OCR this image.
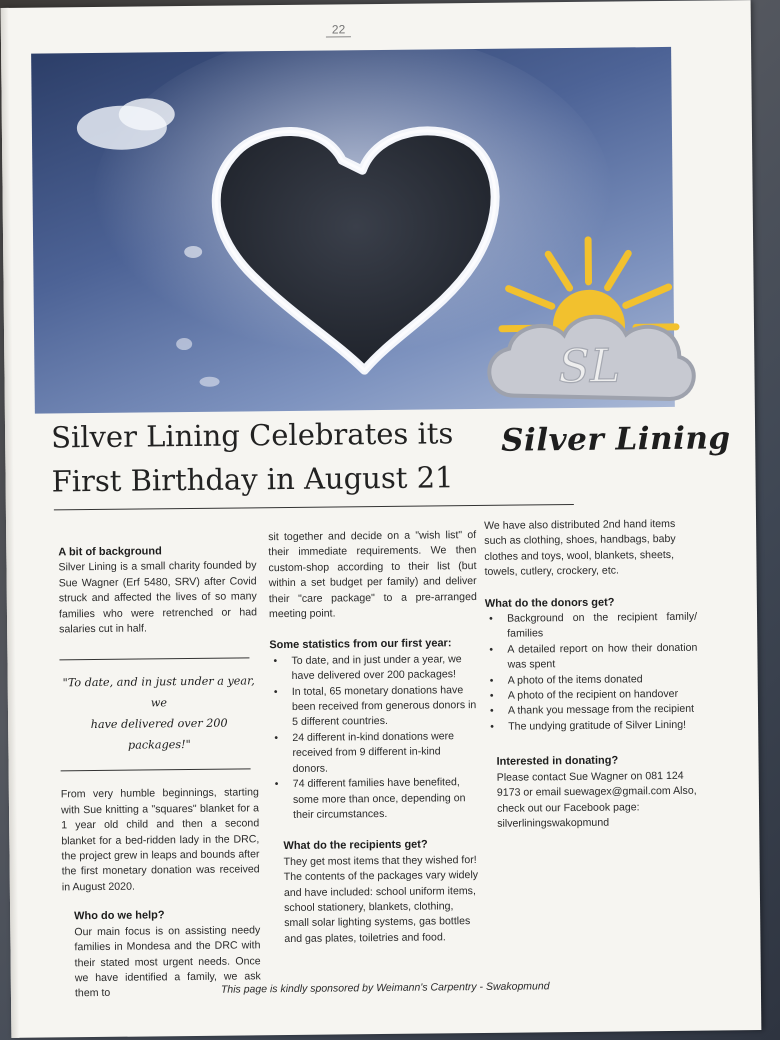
22
SL
Silver Lining
Silver Lining Celebrates its
First Birthday in August 21
A bit of background

Silver Lining is a small charity founded by Sue Wagner (Erf 5480, SRV) after Covid struck and affected the lives of so many families who were retrenched or had salaries cut in half.

"To date, and in just under a year, we
have delivered over 200 packages!"

From very humble beginnings, starting with Sue knitting a "squares" blanket for a 1 year old child and then a second blanket for a bed-ridden lady in the DRC, the project grew in leaps and bounds after the first monetary donation was received in August 2020.

Who do we help?

Our main focus is on assisting needy families in Mondesa and the DRC with their stated most urgent needs. Once we have identified a family, we ask them to

sit together and decide on a "wish list" of their immediate requirements. We then custom-shop according to their list (but within a set budget per family) and deliver their "care package" to a pre-arranged meeting point.

Some statistics from our first year:
• To date, and in just under a year, we have delivered over 200 packages!
• In total, 65 monetary donations have been received from generous donors in 5 different countries.
• 24 different in-kind donations were received from 9 different in-kind donors.
• 74 different families have benefited, some more than once, depending on their circumstances.
What do the recipients get?

They get most items that they wished for! The contents of the packages vary widely and have included: school uniform items, school stationery, blankets, clothing, small solar lighting systems, gas bottles and gas plates, toiletries and food.

We have also distributed 2nd hand items such as clothing, shoes, handbags, baby clothes and toys, wool, blankets, sheets, towels, cutlery, crockery, etc.

What do the donors get?
• Background on the recipient family/ families
• A detailed report on how their donation was spent
• A photo of the items donated
• A photo of the recipient on handover
• A thank you message from the recipient
• The undying gratitude of Silver Lining!
Interested in donating?

Please contact Sue Wagner on 081 124 9173 or email suewagex@gmail.com Also, check out our Facebook page: silverliningswakopmund

This page is kindly sponsored by Weimann's Carpentry - Swakopmund
